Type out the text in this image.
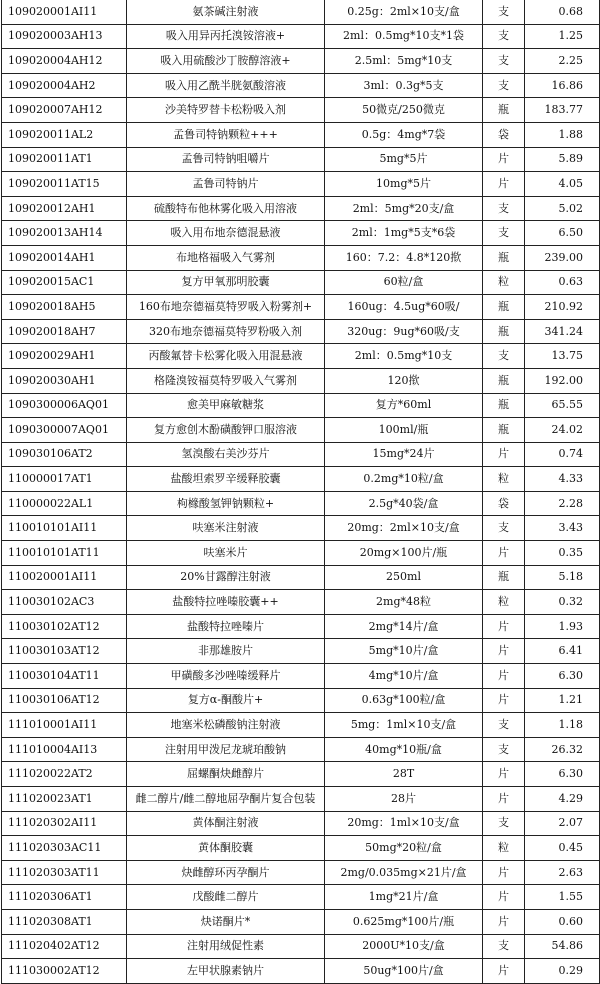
109020001AI11	氨茶碱注射液	0.25g：2ml×10支/盒	支	0.68
109020003AH13	吸入用异丙托溴铵溶液+	2ml：0.5mg*10支*1袋	支	1.25
109020004AH12	吸入用硫酸沙丁胺醇溶液+	2.5ml：5mg*10支	支	2.25
109020004AH2	吸入用乙酰半胱氨酸溶液	3ml：0.3g*5支	支	16.86
109020007AH12	沙美特罗替卡松粉吸入剂	50微克/250微克	瓶	183.77
109020011AL2	孟鲁司特钠颗粒+++	0.5g：4mg*7袋	袋	1.88
109020011AT1	孟鲁司特钠咀嚼片	5mg*5片	片	5.89
109020011AT15	孟鲁司特钠片	10mg*5片	片	4.05
109020012AH1	硫酸特布他林雾化吸入用溶液	2ml：5mg*20支/盒	支	5.02
109020013AH14	吸入用布地奈德混悬液	2ml：1mg*5支*6袋	支	6.50
109020014AH1	布地格福吸入气雾剂	160：7.2：4.8*120揿	瓶	239.00
109020015AC1	复方甲氧那明胶囊	60粒/盒	粒	0.63
109020018AH5	160布地奈德福莫特罗吸入粉雾剂+	160ug：4.5ug*60吸/	瓶	210.92
109020018AH7	320布地奈德福莫特罗粉吸入剂	320ug：9ug*60吸/支	瓶	341.24
109020029AH1	丙酸氟替卡松雾化吸入用混悬液	2ml：0.5mg*10支	支	13.75
109020030AH1	格隆溴铵福莫特罗吸入气雾剂	120揿	瓶	192.00
1090300006AQ01	愈美甲麻敏糖浆	复方*60ml	瓶	65.55
1090300007AQ01	复方愈创木酚磺酸钾口服溶液	100ml/瓶	瓶	24.02
109030106AT2	氢溴酸右美沙芬片	15mg*24片	片	0.74
110000017AT1	盐酸坦索罗辛缓释胶囊	0.2mg*10粒/盒	粒	4.33
110000022AL1	枸橼酸氢钾钠颗粒+	2.5g*40袋/盒	袋	2.28
110010101AI11	呋塞米注射液	20mg：2ml×10支/盒	支	3.43
110010101AT11	呋塞米片	20mg×100片/瓶	片	0.35
110020001AI11	20%甘露醇注射液	250ml	瓶	5.18
110030102AC3	盐酸特拉唑嗪胶囊++	2mg*48粒	粒	0.32
110030102AT12	盐酸特拉唑嗪片	2mg*14片/盒	片	1.93
110030103AT12	非那雄胺片	5mg*10片/盒	片	6.41
110030104AT11	甲磺酸多沙唑嗪缓释片	4mg*10片/盒	片	6.30
110030106AT12	复方α-酮酸片+	0.63g*100粒/盒	片	1.21
111010001AI11	地塞米松磷酸钠注射液	5mg：1ml×10支/盒	支	1.18
111010004AI13	注射用甲泼尼龙琥珀酸钠	40mg*10瓶/盒	支	26.32
111020022AT2	屈螺酮炔雌醇片	28T	片	6.30
111020023AT1	雌二醇片/雌二醇地屈孕酮片复合包装	28片	片	4.29
111020302AI11	黄体酮注射液	20mg：1ml×10支/盒	支	2.07
111020303AC11	黄体酮胶囊	50mg*20粒/盒	粒	0.45
111020303AT11	炔雌醇环丙孕酮片	2mg/0.035mg×21片/盒	片	2.63
111020306AT1	戊酸雌二醇片	1mg*21片/盒	片	1.55
111020308AT1	炔诺酮片*	0.625mg*100片/瓶	片	0.60
111020402AT12	注射用绒促性素	2000U*10支/盒	支	54.86
111030002AT12	左甲状腺素钠片	50ug*100片/盒	片	0.29
